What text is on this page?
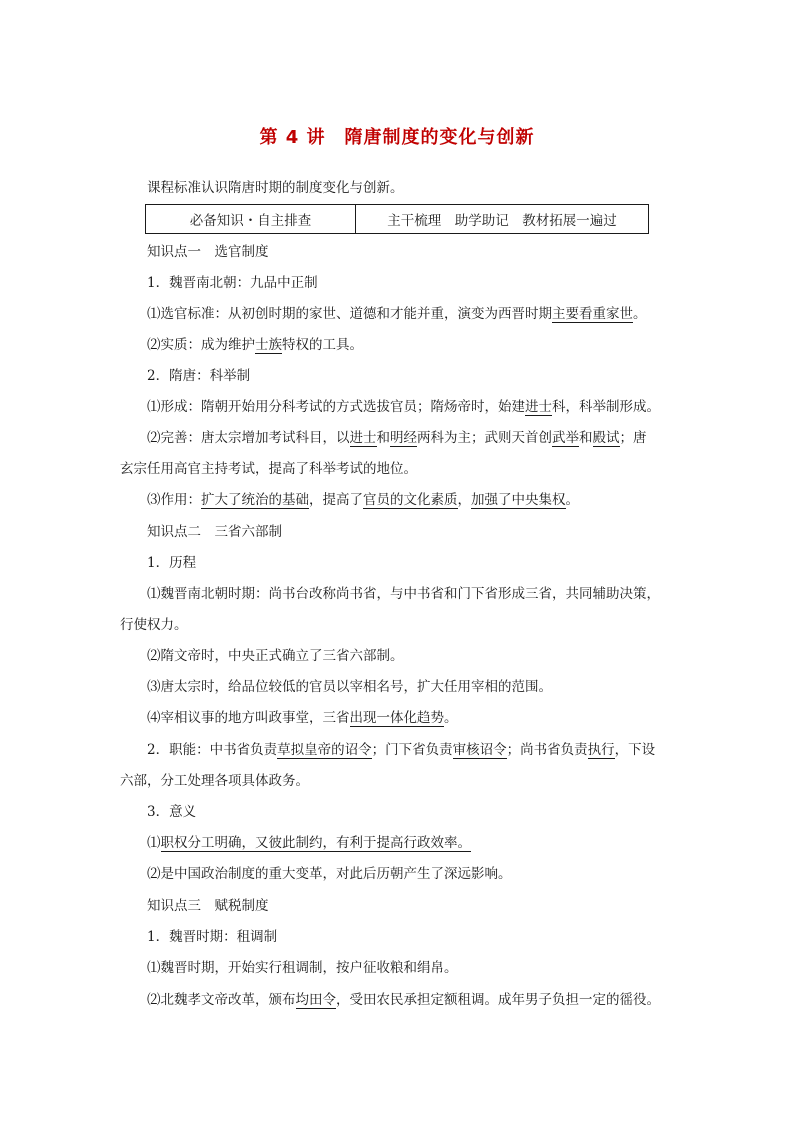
第 4 讲　隋唐制度的变化与创新
课程标准认识隋唐时期的制度变化与创新。
必备知识・自主排查	主干梳理　助学助记　教材拓展一遍过
知识点一　选官制度
1．魏晋南北朝：九品中正制
⑴选官标准：从初创时期的家世、道德和才能并重，演变为西晋时期主要看重家世。
⑵实质：成为维护士族特权的工具。
2．隋唐：科举制
⑴形成：隋朝开始用分科考试的方式选拔官员；隋炀帝时，始建进士科，科举制形成。
⑵完善：唐太宗增加考试科目，以进士和明经两科为主；武则天首创武举和殿试；唐
玄宗任用高官主持考试，提高了科举考试的地位。
⑶作用：扩大了统治的基础，提高了官员的文化素质，加强了中央集权。
知识点二　三省六部制
1．历程
⑴魏晋南北朝时期：尚书台改称尚书省，与中书省和门下省形成三省，共同辅助决策，
行使权力。
⑵隋文帝时，中央正式确立了三省六部制。
⑶唐太宗时，给品位较低的官员以宰相名号，扩大任用宰相的范围。
⑷宰相议事的地方叫政事堂，三省出现一体化趋势。
2．职能：中书省负责草拟皇帝的诏令；门下省负责审核诏令；尚书省负责执行，下设
六部，分工处理各项具体政务。
3．意义
⑴职权分工明确，又彼此制约，有利于提高行政效率。
⑵是中国政治制度的重大变革，对此后历朝产生了深远影响。
知识点三　赋税制度
1．魏晋时期：租调制
⑴魏晋时期，开始实行租调制，按户征收粮和绢帛。
⑵北魏孝文帝改革，颁布均田令，受田农民承担定额租调。成年男子负担一定的徭役。
